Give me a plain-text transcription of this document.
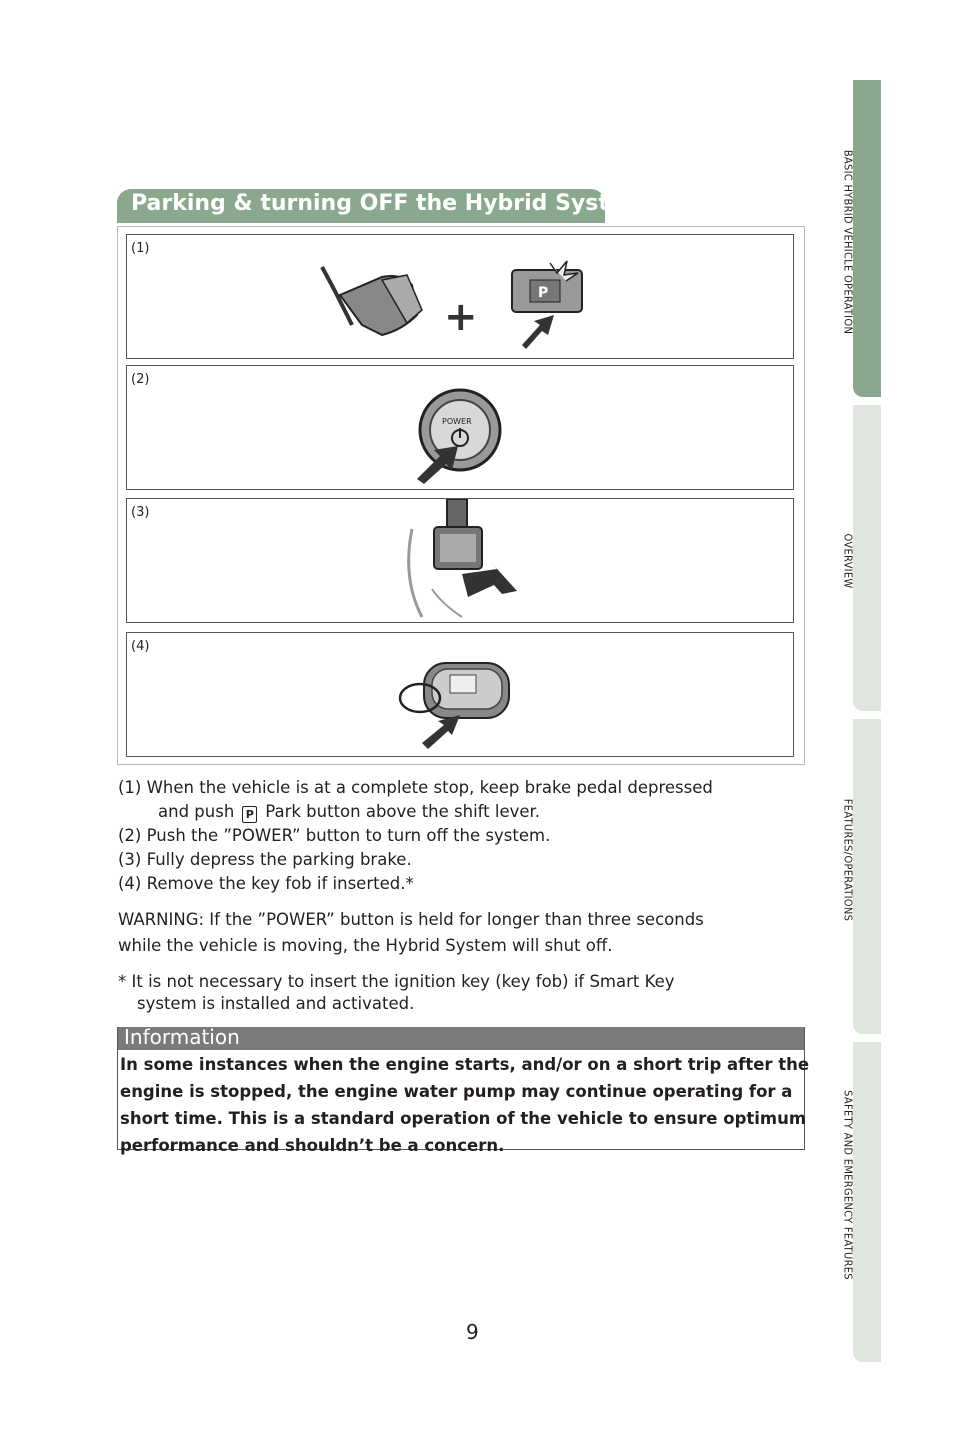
BASIC HYBRID VEHICLE OPERATION
OVERVIEW
FEATURES/OPERATIONS
SAFETY AND EMERGENCY FEATURES
Parking & turning OFF the Hybrid System
(1)
+
P
(2)
POWER
(3)
(4)
(1) When the vehicle is at a complete stop, keep brake pedal depressed
and push P Park button above the shift lever.
(2) Push the ”POWER” button to turn off the system.
(3) Fully depress the parking brake.
(4) Remove the key fob if inserted.*
WARNING: If the ”POWER” button is held for longer than three seconds
while the vehicle is moving, the Hybrid System will shut off.
* It is not necessary to insert the ignition key (key fob) if Smart Key
system is installed and activated.
Information
In some instances when the engine starts, and/or on a short trip after the
engine is stopped, the engine water pump may continue operating for a
short time. This is a standard operation of the vehicle to ensure optimum
performance and shouldn’t be a concern.
9
